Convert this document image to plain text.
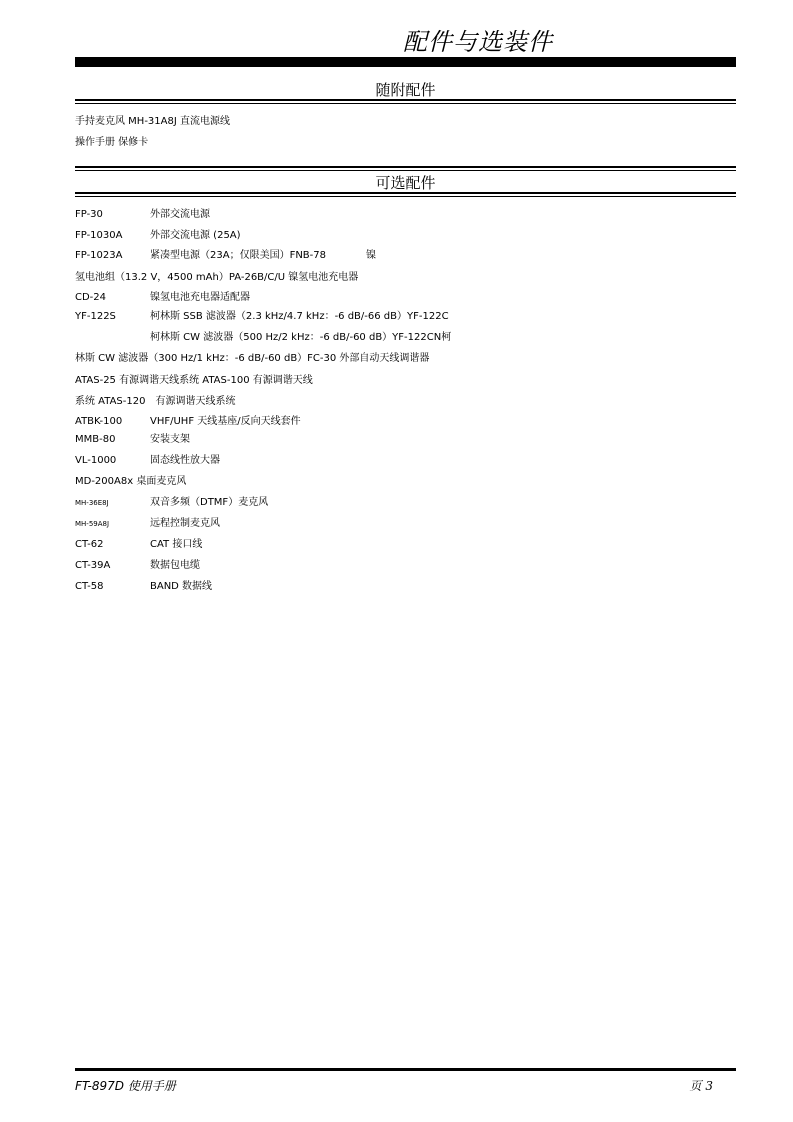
配件与选装件
随附配件
手持麦克风 MH-31A8J 直流电源线
操作手册 保修卡
可选配件
FP-30	外部交流电源
FP-1030A	外部交流电源 (25A)
FP-1023A	紧凑型电源（23A；仅限美国）FNB-78　　　　镍
氢电池组（13.2 V，4500 mAh）PA-26B/C/U 镍氢电池充电器
CD-24	镍氢电池充电器适配器
YF-122S	柯林斯 SSB 滤波器（2.3 kHz/4.7 kHz：-6 dB/-66 dB）YF-122C
柯林斯 CW 滤波器（500 Hz/2 kHz：-6 dB/-60 dB）YF-122CN柯
林斯 CW 滤波器（300 Hz/1 kHz：-6 dB/-60 dB）FC-30 外部自动天线调谐器
ATAS-25 有源调谐天线系统 ATAS-100 有源调谐天线
系统 ATAS-120　有源调谐天线系统
ATBK-100	VHF/UHF 天线基座/反向天线套件
MMB-80	安装支架
VL-1000	固态线性放大器
MD-200A8x 桌面麦克风
MH-36E8J	双音多频（DTMF）麦克风
MH-59A8J	远程控制麦克风
CT-62	CAT 接口线
CT-39A	数据包电缆
CT-58	BAND 数据线
FT-897D 使用手册	页 3
